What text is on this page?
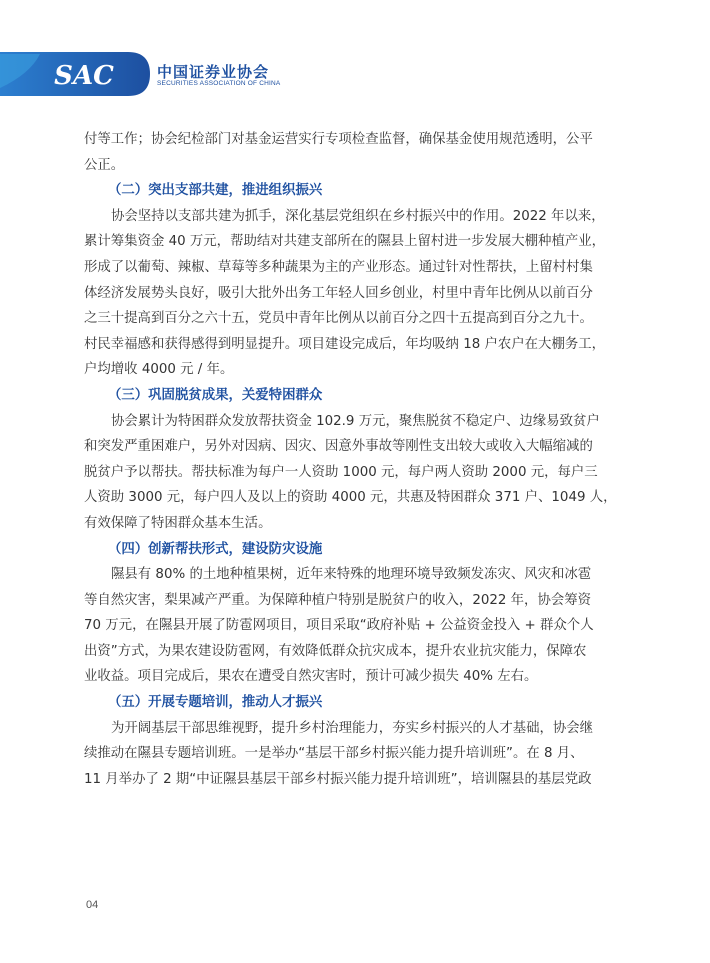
SAC	中国证券业协会
SECURITIES ASSOCIATION OF CHINA

付等工作；协会纪检部门对基金运营实行专项检查监督，确保基金使用规范透明，公平

公正。

（二）突出支部共建，推进组织振兴

协会坚持以支部共建为抓手，深化基层党组织在乡村振兴中的作用。2022 年以来，

累计筹集资金 40 万元，帮助结对共建支部所在的隰县上留村进一步发展大棚种植产业，

形成了以葡萄、辣椒、草莓等多种蔬果为主的产业形态。通过针对性帮扶，上留村村集

体经济发展势头良好，吸引大批外出务工年轻人回乡创业，村里中青年比例从以前百分

之三十提高到百分之六十五，党员中青年比例从以前百分之四十五提高到百分之九十。

村民幸福感和获得感得到明显提升。项目建设完成后，年均吸纳 18 户农户在大棚务工，

户均增收 4000 元 / 年。

（三）巩固脱贫成果，关爱特困群众

协会累计为特困群众发放帮扶资金 102.9 万元，聚焦脱贫不稳定户、边缘易致贫户

和突发严重困难户，另外对因病、因灾、因意外事故等刚性支出较大或收入大幅缩减的

脱贫户予以帮扶。帮扶标准为每户一人资助 1000 元，每户两人资助 2000 元，每户三

人资助 3000 元，每户四人及以上的资助 4000 元，共惠及特困群众 371 户、1049 人，

有效保障了特困群众基本生活。

（四）创新帮扶形式，建设防灾设施

隰县有 80% 的土地种植果树，近年来特殊的地理环境导致频发冻灾、风灾和冰雹

等自然灾害，梨果减产严重。为保障种植户特别是脱贫户的收入，2022 年，协会筹资

70 万元，在隰县开展了防雹网项目，项目采取“政府补贴 + 公益资金投入 + 群众个人

出资”方式，为果农建设防雹网，有效降低群众抗灾成本，提升农业抗灾能力，保障农

业收益。项目完成后，果农在遭受自然灾害时，预计可减少损失 40% 左右。

（五）开展专题培训，推动人才振兴

为开阔基层干部思维视野，提升乡村治理能力，夯实乡村振兴的人才基础，协会继

续推动在隰县专题培训班。一是举办“基层干部乡村振兴能力提升培训班”。在 8 月、

11 月举办了 2 期“中证隰县基层干部乡村振兴能力提升培训班”，培训隰县的基层党政

04
